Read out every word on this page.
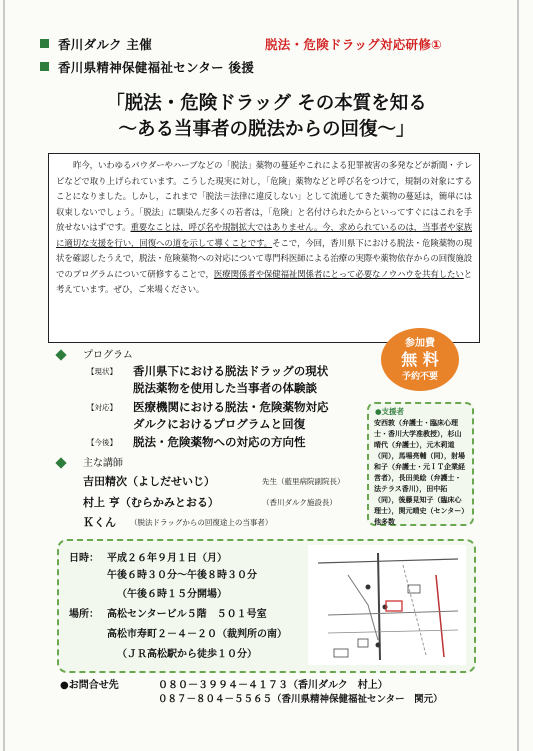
香川ダルク 主催	脱法・危険ドラッグ対応研修①
香川県精神保健福祉センター 後援
「脱法・危険ドラッグ その本質を知る
～ある当事者の脱法からの回復～」
昨今，いわゆるパウダーやハーブなどの「脱法」薬物の蔓延やこれによる犯罪被害の多発などが新聞・テレビなどで取り上げられています。こうした現実に対し，「危険」薬物などと呼び名をつけて，規制の対象にすることになりました。しかし，これまで「脱法＝法律に違反しない」として流通してきた薬物の蔓延は，簡単には収束しないでしょう。「脱法」に馴染んだ多くの若者は，「危険」と名付けられたからといってすぐにはこれを手放せないはずです。重要なことは，呼び名や規制拡大ではありません。今，求められているのは，当事者や家族に適切な支援を行い，回復への道を示して導くことです。そこで，今回，香川県下における脱法・危険薬物の現状を確認したうえで，脱法・危険薬物への対応について専門科医師による治療の実際や薬物依存からの回復施設でのプログラムについて研修することで，医療関係者や保健福祉関係者にとって必要なノウハウを共有したいと考えています。ぜひ，ご来場ください。
参加費
無 料
予約不要
プログラム
【現状】 香川県下における脱法ドラッグの現状
脱法薬物を使用した当事者の体験談
【対応】 医療機関における脱法・危険薬物対応
ダルクにおけるプログラムと回復
【今後】 脱法・危険薬物への対応の方向性
主な講師
吉田精次（よしだせいじ）	先生（藍里病院副院長）
村上 亨（むらかみとおる）	（香川ダルク施設長）
Ｋくん （脱法ドラッグからの回復途上の当事者）
●支援者
安西敦（弁護士・臨床心理士・香川大学准教授），杉山晴代（弁護士），元木莉道（同），馬場亮輔（同），射場和子（弁護士・元ＩＴ企業経営者），長田美絵（弁護士・法テラス香川），田中拓（同），後藤見知子（臨床心理士），関元晴史（センター）他多数
日時： 平成２６年９月１日（月）
午後６時３０分～午後８時３０分
（午後６時１５分開場）
場所： 高松センタービル５階　５０１号室
高松市寿町２－４－２０（裁判所の南）
（ＪＲ高松駅から徒歩１０分）
●お問合せ先	０８０－３９９４－４１７３（香川ダルク　村上）
０８７－８０４－５５６５（香川県精神保健福祉センター　関元）
